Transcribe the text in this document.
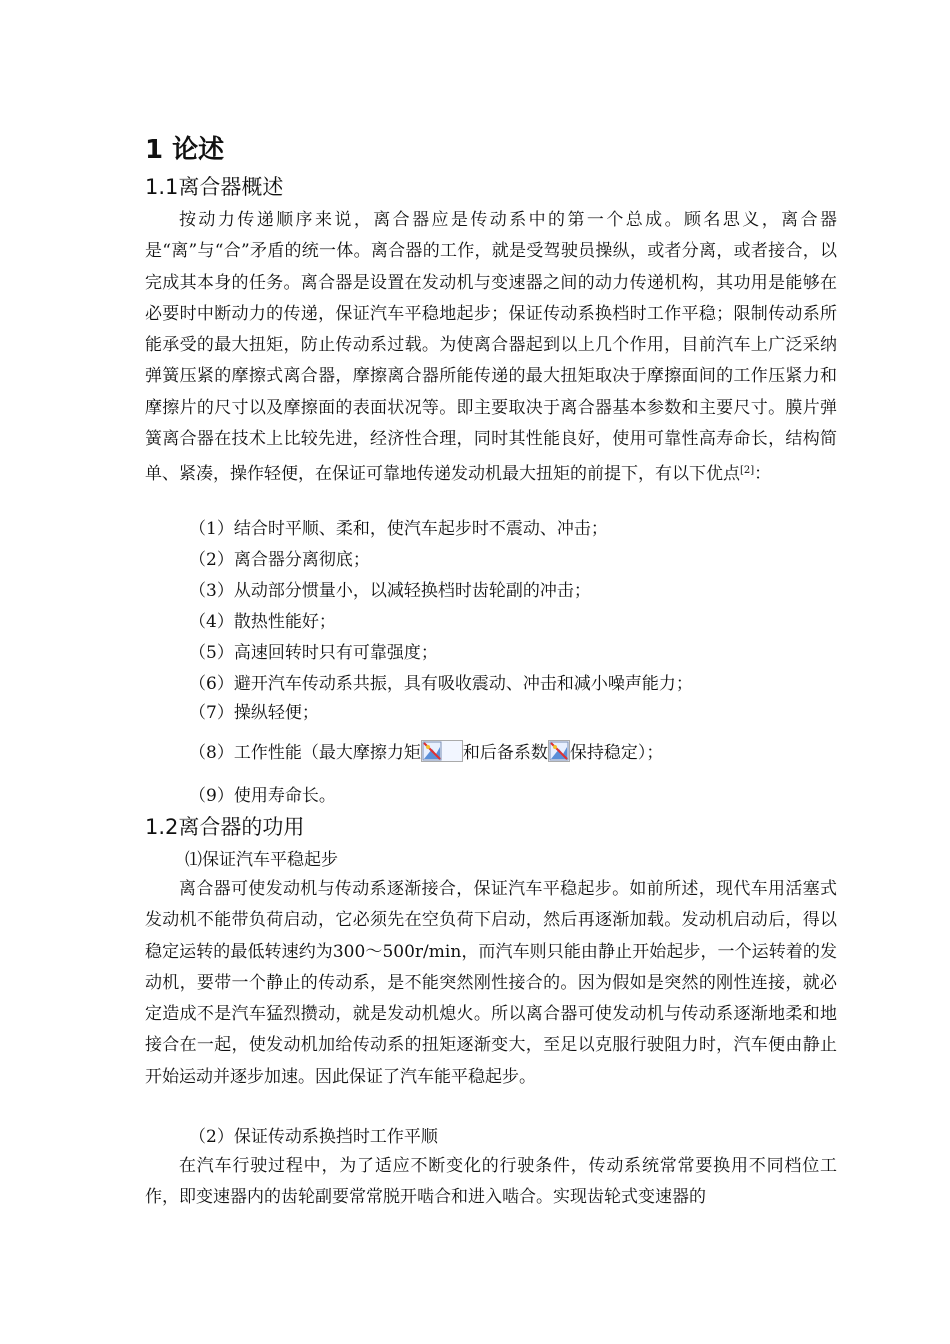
1 论述
1.1离合器概述

按动力传递顺序来说，离合器应是传动系中的第一个总成。顾名思义，离合器是“离”与“合”矛盾的统一体。离合器的工作，就是受驾驶员操纵，或者分离，或者接合，以完成其本身的任务。离合器是设置在发动机与变速器之间的动力传递机构，其功用是能够在必要时中断动力的传递，保证汽车平稳地起步；保证传动系换档时工作平稳；限制传动系所能承受的最大扭矩，防止传动系过载。为使离合器起到以上几个作用，目前汽车上广泛采纳弹簧压紧的摩擦式离合器，摩擦离合器所能传递的最大扭矩取决于摩擦面间的工作压紧力和摩擦片的尺寸以及摩擦面的表面状况等。即主要取决于离合器基本参数和主要尺寸。膜片弹簧离合器在技术上比较先进，经济性合理，同时其性能良好，使用可靠性高寿命长，结构简单、紧凑，操作轻便，在保证可靠地传递发动机最大扭矩的前提下，有以下优点[2]：

（1）结合时平顺、柔和，使汽车起步时不震动、冲击；
（2）离合器分离彻底；
（3）从动部分惯量小，以减轻换档时齿轮副的冲击；
（4）散热性能好；
（5）高速回转时只有可靠强度；
（6）避开汽车传动系共振，具有吸收震动、冲击和减小噪声能力；
（7）操纵轻便；
（8）工作性能（最大摩擦力矩 和后备系数 保持稳定）；
（9）使用寿命长。
1.2离合器的功用
⑴保证汽车平稳起步

离合器可使发动机与传动系逐渐接合，保证汽车平稳起步。如前所述，现代车用活塞式发动机不能带负荷启动，它必须先在空负荷下启动，然后再逐渐加载。发动机启动后，得以稳定运转的最低转速约为300～500r/min，而汽车则只能由静止开始起步，一个运转着的发动机，要带一个静止的传动系，是不能突然刚性接合的。因为假如是突然的刚性连接，就必定造成不是汽车猛烈攒动，就是发动机熄火。所以离合器可使发动机与传动系逐渐地柔和地接合在一起，使发动机加给传动系的扭矩逐渐变大，至足以克服行驶阻力时，汽车便由静止开始运动并逐步加速。因此保证了汽车能平稳起步。

（2）保证传动系换挡时工作平顺

在汽车行驶过程中，为了适应不断变化的行驶条件，传动系统常常要换用不同档位工作，即变速器内的齿轮副要常常脱开啮合和进入啮合。实现齿轮式变速器的
